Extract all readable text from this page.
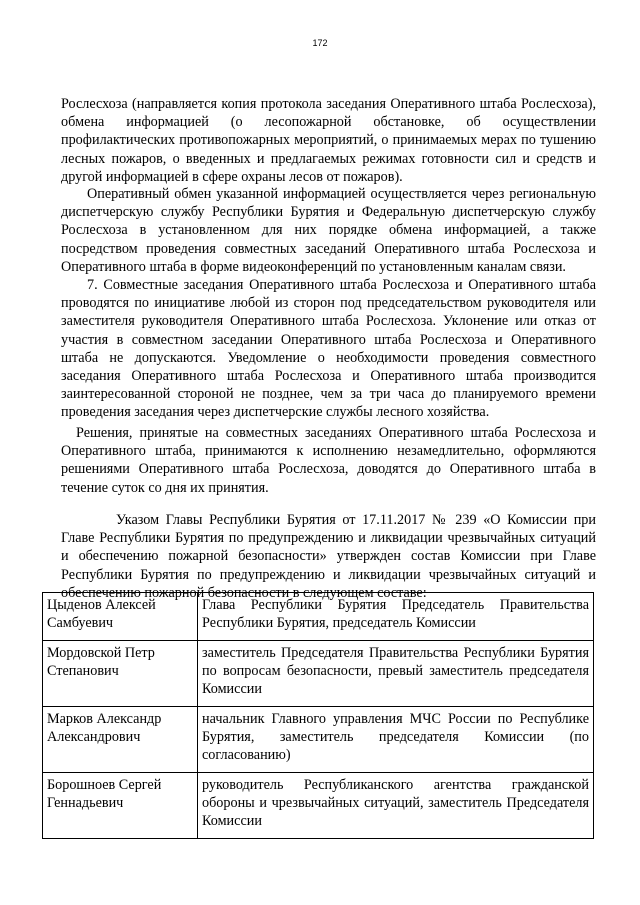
172

Рослесхоза (направляется копия протокола заседания Оперативного штаба Рослесхоза), обмена информацией (о лесопожарной обстановке, об осуществлении профилактических противопожарных мероприятий, о принимаемых мерах по тушению лесных пожаров, о введенных и предлагаемых режимах готовности сил и средств и другой информацией в сфере охраны лесов от пожаров).

Оперативный обмен указанной информацией осуществляется через региональную диспетчерскую службу Республики Бурятия и Федеральную диспетчерскую службу Рослесхоза в установленном для них порядке обмена информацией, а также посредством проведения совместных заседаний Оперативного штаба Рослесхоза и Оперативного штаба в форме видеоконференций по установленным каналам связи.

7. Совместные заседания Оперативного штаба Рослесхоза и Оперативного штаба проводятся по инициативе любой из сторон под председательством руководителя или заместителя руководителя Оперативного штаба Рослесхоза. Уклонение или отказ от участия в совместном заседании Оперативного штаба Рослесхоза и Оперативного штаба не допускаются. Уведомление о необходимости проведения совместного заседания Оперативного штаба Рослесхоза и Оперативного штаба производится заинтересованной стороной не позднее, чем за три часа до планируемого времени проведения заседания через диспетчерские службы лесного хозяйства.

Решения, принятые на совместных заседаниях Оперативного штаба Рослесхоза и Оперативного штаба, принимаются к исполнению незамедлительно, оформляются решениями Оперативного штаба Рослесхоза, доводятся до Оперативного штаба в течение суток со дня их принятия.

Указом Главы Республики Бурятия от 17.11.2017 № 239 «О Комиссии при Главе Республики Бурятия по предупреждению и ликвидации чрезвычайных ситуаций и обеспечению пожарной безопасности» утвержден состав Комиссии при Главе Республики Бурятия по предупреждению и ликвидации чрезвычайных ситуаций и обеспечению пожарной безопасности в следующем составе:

Цыденов Алексей Самбуевич	Глава Республики Бурятия Председатель Правительства Республики Бурятия, председатель Комиссии
Мордовской Петр Степанович	заместитель Председателя Правительства Республики Бурятия по вопросам безопасности, превый заместитель председателя Комиссии
Марков Александр Александрович	начальник Главного управления МЧС России по Республике Бурятия, заместитель председателя Комиссии (по согласованию)
Борошноев Сергей Геннадьевич	руководитель Республиканского агентства гражданской обороны и чрезвычайных ситуаций, заместитель Председателя Комиссии
